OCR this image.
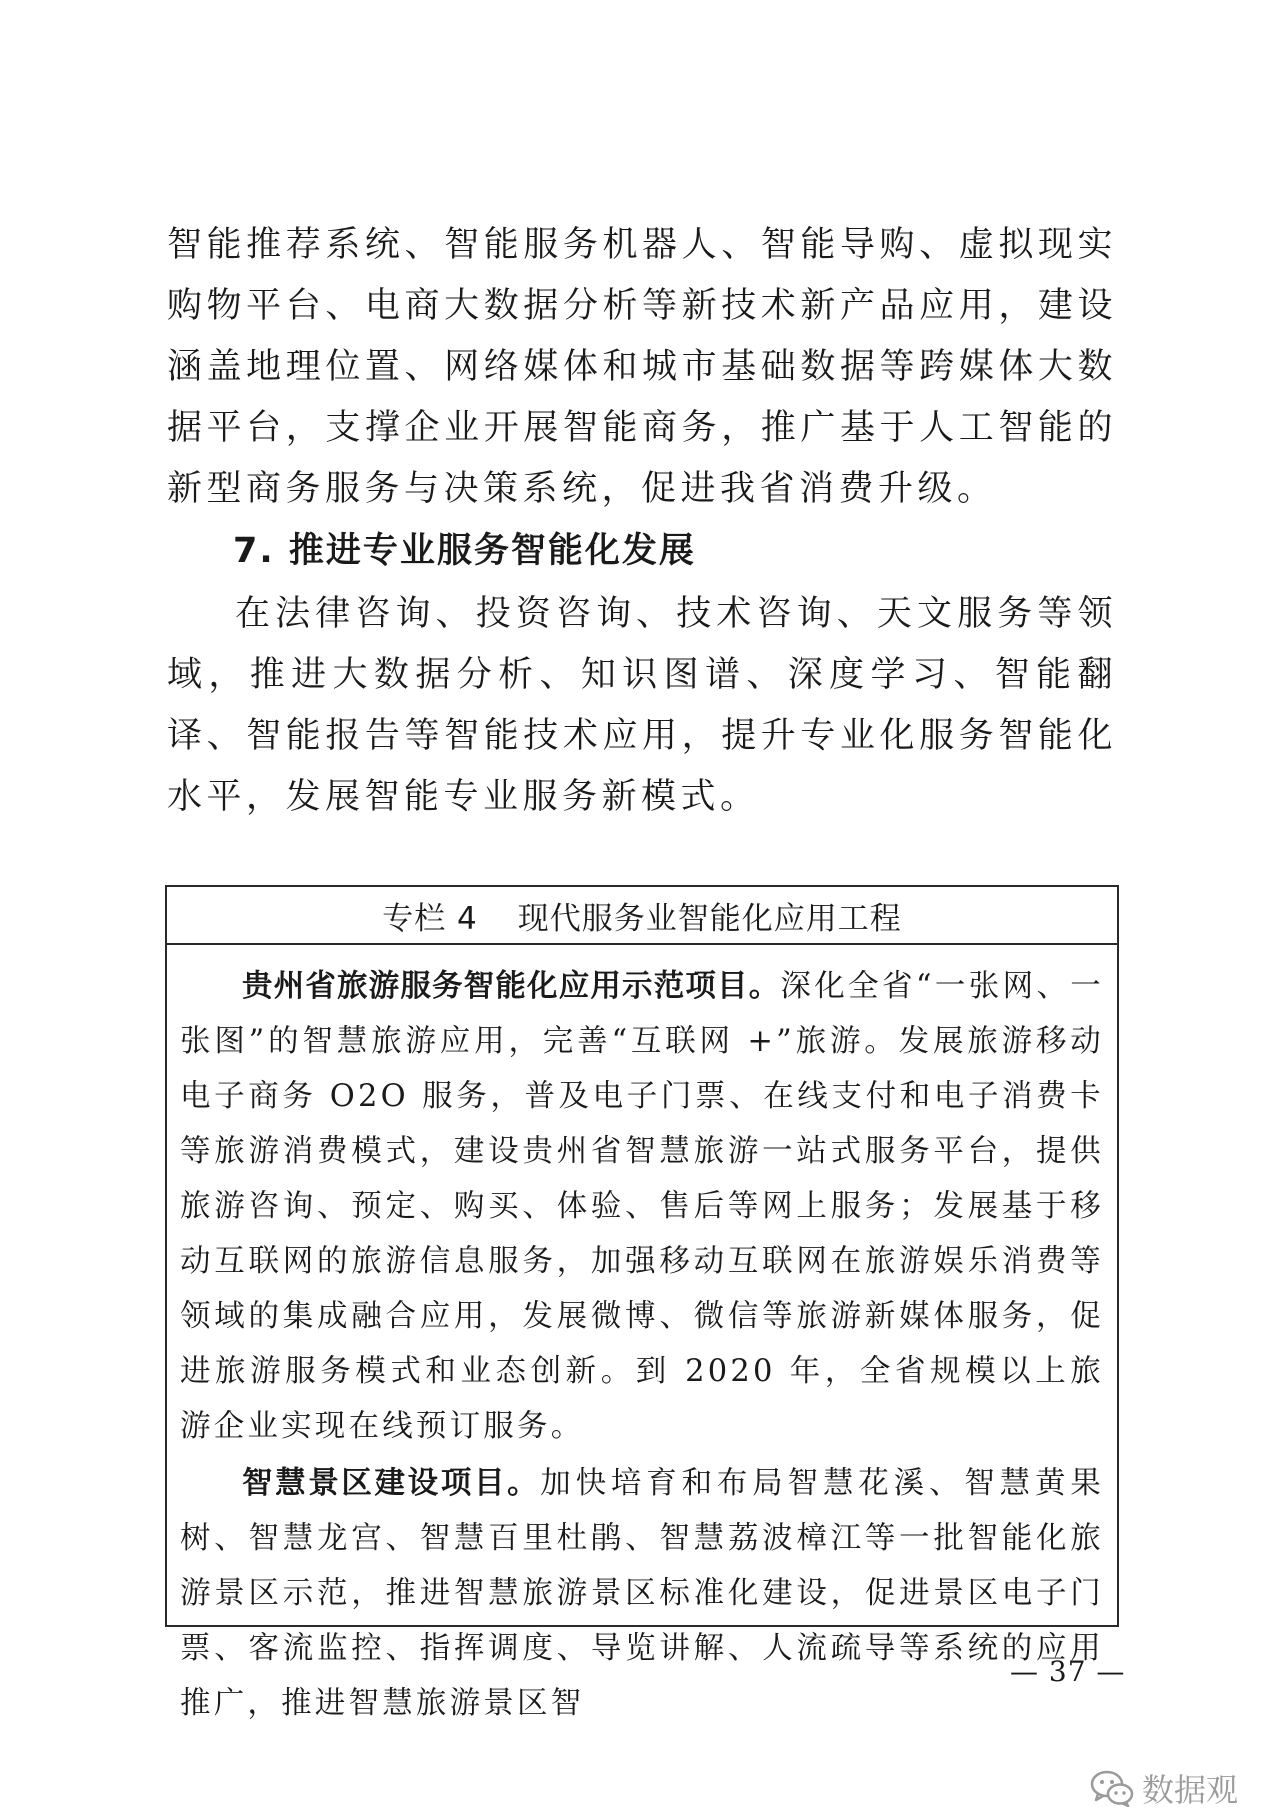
智能推荐系统、智能服务机器人、智能导购、虚拟现实购物平台、电商大数据分析等新技术新产品应用，建设涵盖地理位置、网络媒体和城市基础数据等跨媒体大数据平台，支撑企业开展智能商务，推广基于人工智能的新型商务服务与决策系统，促进我省消费升级。
7. 推进专业服务智能化发展
在法律咨询、投资咨询、技术咨询、天文服务等领域，推进大数据分析、知识图谱、深度学习、智能翻译、智能报告等智能技术应用，提升专业化服务智能化水平，发展智能专业服务新模式。
专栏 4 现代服务业智能化应用工程

贵州省旅游服务智能化应用示范项目。深化全省“一张网、一张图”的智慧旅游应用，完善“互联网 +”旅游。发展旅游移动电子商务 O2O 服务，普及电子门票、在线支付和电子消费卡等旅游消费模式，建设贵州省智慧旅游一站式服务平台，提供旅游咨询、预定、购买、体验、售后等网上服务；发展基于移动互联网的旅游信息服务，加强移动互联网在旅游娱乐消费等领域的集成融合应用，发展微博、微信等旅游新媒体服务，促进旅游服务模式和业态创新。到 2020 年，全省规模以上旅游企业实现在线预订服务。

智慧景区建设项目。加快培育和布局智慧花溪、智慧黄果树、智慧龙宫、智慧百里杜鹃、智慧荔波樟江等一批智能化旅游景区示范，推进智慧旅游景区标准化建设，促进景区电子门票、客流监控、指挥调度、导览讲解、人流疏导等系统的应用推广，推进智慧旅游景区智

— 37 —
数据观
